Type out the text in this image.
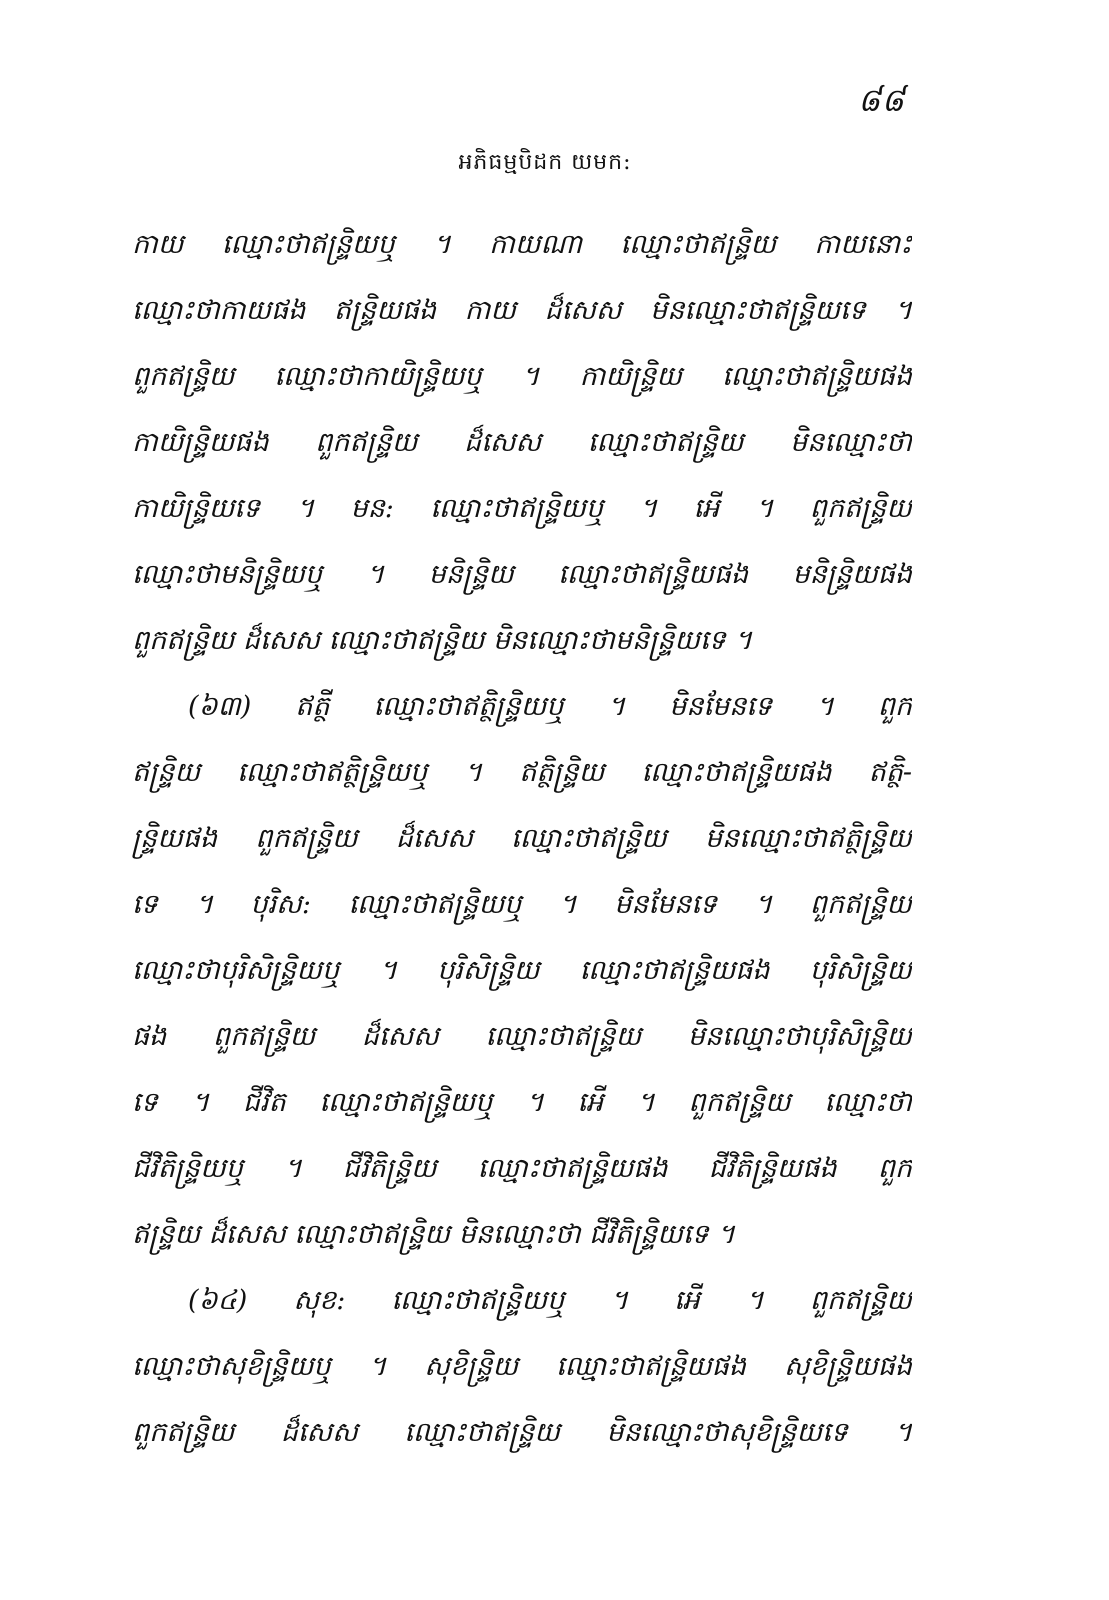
៨៨
អភិធម្មបិដក យមក:
កាយ ឈ្មោះថាឥន្ទ្រិយឬ ។ កាយណា ឈ្មោះថាឥន្ទ្រិយ កាយនោះ
ឈ្មោះថាកាយផង ឥន្ទ្រិយផង កាយ ដ៏សេស មិនឈ្មោះថាឥន្ទ្រិយទេ ។
ពួកឥន្ទ្រិយ ឈ្មោះថាកាយិន្ទ្រិយឬ ។ កាយិន្ទ្រិយ ឈ្មោះថាឥន្ទ្រិយផង
កាយិន្ទ្រិយផង ពួកឥន្ទ្រិយ ដ៏សេស ឈ្មោះថាឥន្ទ្រិយ មិនឈ្មោះថា
កាយិន្ទ្រិយទេ ។ មន: ឈ្មោះថាឥន្ទ្រិយឬ ។ អើ ។ ពួកឥន្ទ្រិយ
ឈ្មោះថាមនិន្ទ្រិយឬ ។ មនិន្ទ្រិយ ឈ្មោះថាឥន្ទ្រិយផង មនិន្ទ្រិយផង
ពួកឥន្ទ្រិយ ដ៏សេស ឈ្មោះថាឥន្ទ្រិយ មិនឈ្មោះថាមនិន្ទ្រិយទេ ។
(៦៣) ឥត្ថី ឈ្មោះថាឥត្ថិន្ទ្រិយឬ ។ មិនមែនទេ ។ ពួក
ឥន្ទ្រិយ ឈ្មោះថាឥត្ថិន្ទ្រិយឬ ។ ឥត្ថិន្ទ្រិយ ឈ្មោះថាឥន្ទ្រិយផង ឥត្ថិ-
ន្ទ្រិយផង ពួកឥន្ទ្រិយ ដ៏សេស ឈ្មោះថាឥន្ទ្រិយ មិនឈ្មោះថាឥត្ថិន្ទ្រិយ
ទេ ។ បុរិស: ឈ្មោះថាឥន្ទ្រិយឬ ។ មិនមែនទេ ។ ពួកឥន្ទ្រិយ
ឈ្មោះថាបុរិសិន្ទ្រិយឬ ។ បុរិសិន្ទ្រិយ ឈ្មោះថាឥន្ទ្រិយផង បុរិសិន្ទ្រិយ
ផង ពួកឥន្ទ្រិយ ដ៏សេស ឈ្មោះថាឥន្ទ្រិយ មិនឈ្មោះថាបុរិសិន្ទ្រិយ
ទេ ។ ជីវិត ឈ្មោះថាឥន្ទ្រិយឬ ។ អើ ។ ពួកឥន្ទ្រិយ ឈ្មោះថា
ជីវិតិន្ទ្រិយឬ ។ ជីវិតិន្ទ្រិយ ឈ្មោះថាឥន្ទ្រិយផង ជីវិតិន្ទ្រិយផង ពួក
ឥន្ទ្រិយ ដ៏សេស ឈ្មោះថាឥន្ទ្រិយ មិនឈ្មោះថា ជីវិតិន្ទ្រិយទេ ។
(៦៤) សុខ: ឈ្មោះថាឥន្ទ្រិយឬ ។ អើ ។ ពួកឥន្ទ្រិយ
ឈ្មោះថាសុខិន្ទ្រិយឬ ។ សុខិន្ទ្រិយ ឈ្មោះថាឥន្ទ្រិយផង សុខិន្ទ្រិយផង
ពួកឥន្ទ្រិយ ដ៏សេស ឈ្មោះថាឥន្ទ្រិយ មិនឈ្មោះថាសុខិន្ទ្រិយទេ ។
